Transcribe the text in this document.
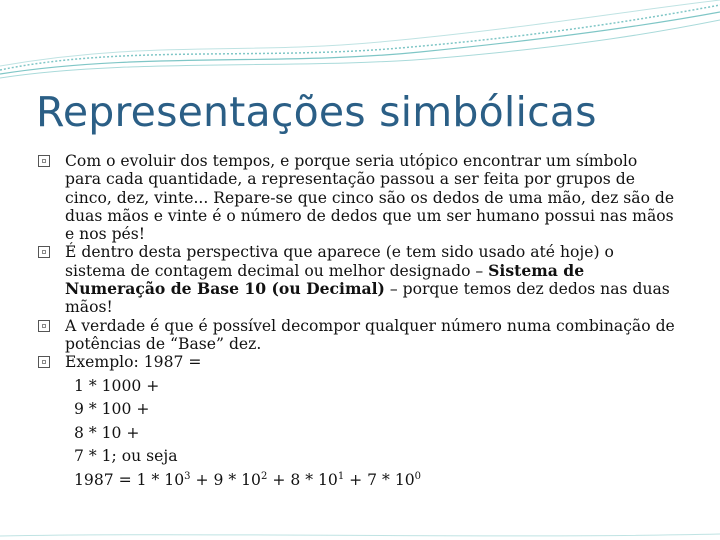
Representações simbólicas
Com o evoluir dos tempos, e porque seria utópico encontrar um símbolo para cada quantidade, a representação passou a ser feita por grupos de cinco, dez, vinte... Repare-se que cinco são os dedos de uma mão, dez são de duas mãos e vinte é o número de dedos que um ser humano possui nas mãos e nos pés!
É dentro desta perspectiva que aparece (e tem sido usado até hoje) o sistema de contagem decimal ou melhor designado – Sistema de Numeração de Base 10 (ou Decimal) – porque temos dez dedos nas duas mãos!
A verdade é que é possível decompor qualquer número numa combinação de potências de “Base” dez.
Exemplo: 1987 =
1 * 1000 +
9 * 100 +
8 * 10 +
7 * 1; ou seja
$1987 = 1 * 10^3 + 9 * 10^2 + 8 * 10^1 + 7 * 10^0$
